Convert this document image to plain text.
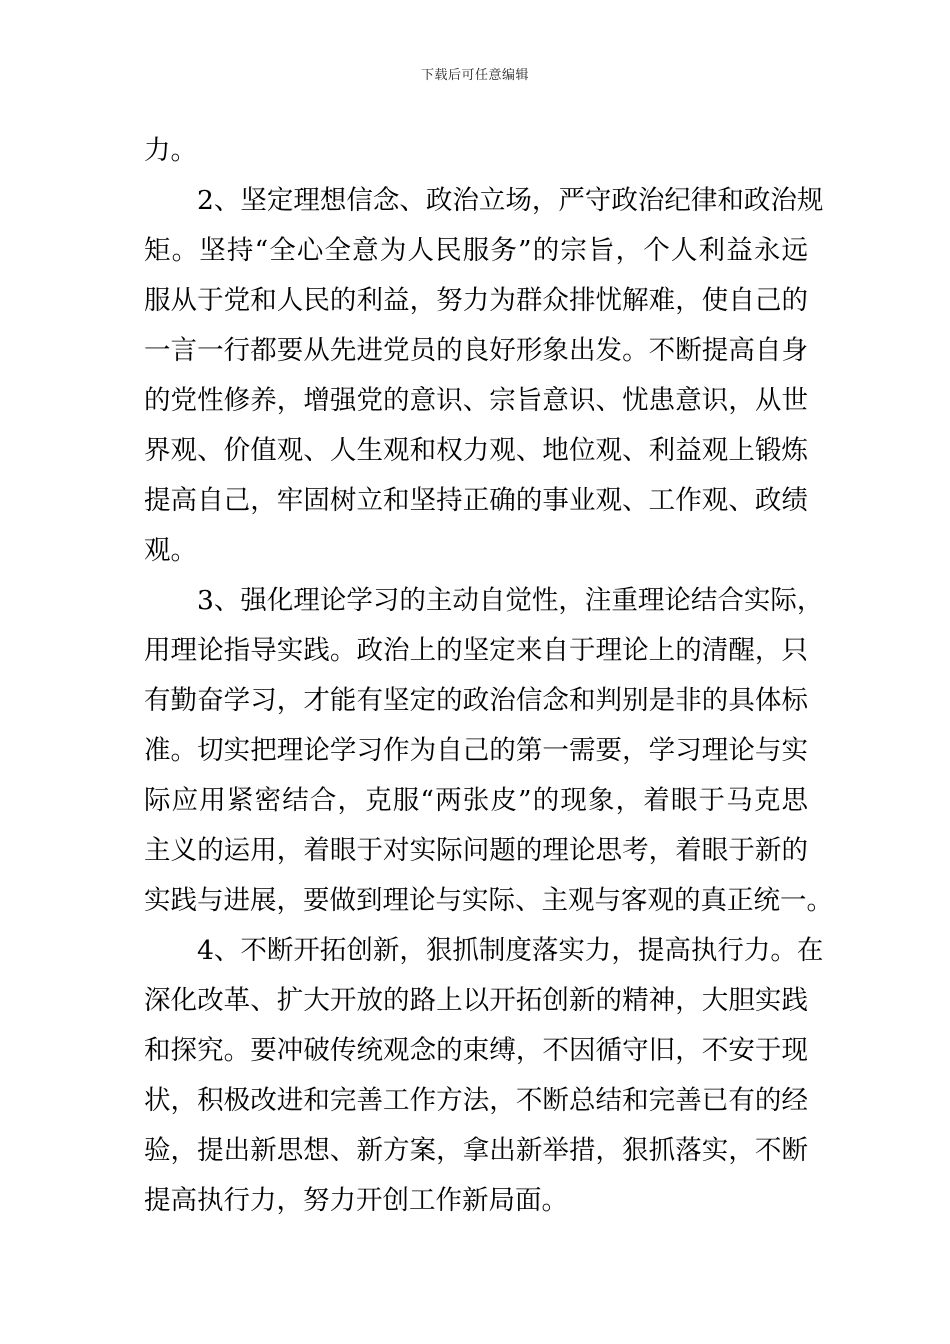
下载后可任意编辑
力。
2、坚定理想信念、政治立场，严守政治纪律和政治规
矩。坚持“全心全意为人民服务”的宗旨，个人利益永远
服从于党和人民的利益，努力为群众排忧解难，使自己的
一言一行都要从先进党员的良好形象出发。不断提高自身
的党性修养，增强党的意识、宗旨意识、忧患意识，从世
界观、价值观、人生观和权力观、地位观、利益观上锻炼
提高自己，牢固树立和坚持正确的事业观、工作观、政绩
观。
3、强化理论学习的主动自觉性，注重理论结合实际，
用理论指导实践。政治上的坚定来自于理论上的清醒，只
有勤奋学习，才能有坚定的政治信念和判别是非的具体标
准。切实把理论学习作为自己的第一需要，学习理论与实
际应用紧密结合，克服“两张皮”的现象，着眼于马克思
主义的运用，着眼于对实际问题的理论思考，着眼于新的
实践与进展，要做到理论与实际、主观与客观的真正统一。
4、不断开拓创新，狠抓制度落实力，提高执行力。在
深化改革、扩大开放的路上以开拓创新的精神，大胆实践
和探究。要冲破传统观念的束缚，不因循守旧，不安于现
状，积极改进和完善工作方法，不断总结和完善已有的经
验，提出新思想、新方案，拿出新举措，狠抓落实，不断
提高执行力，努力开创工作新局面。
